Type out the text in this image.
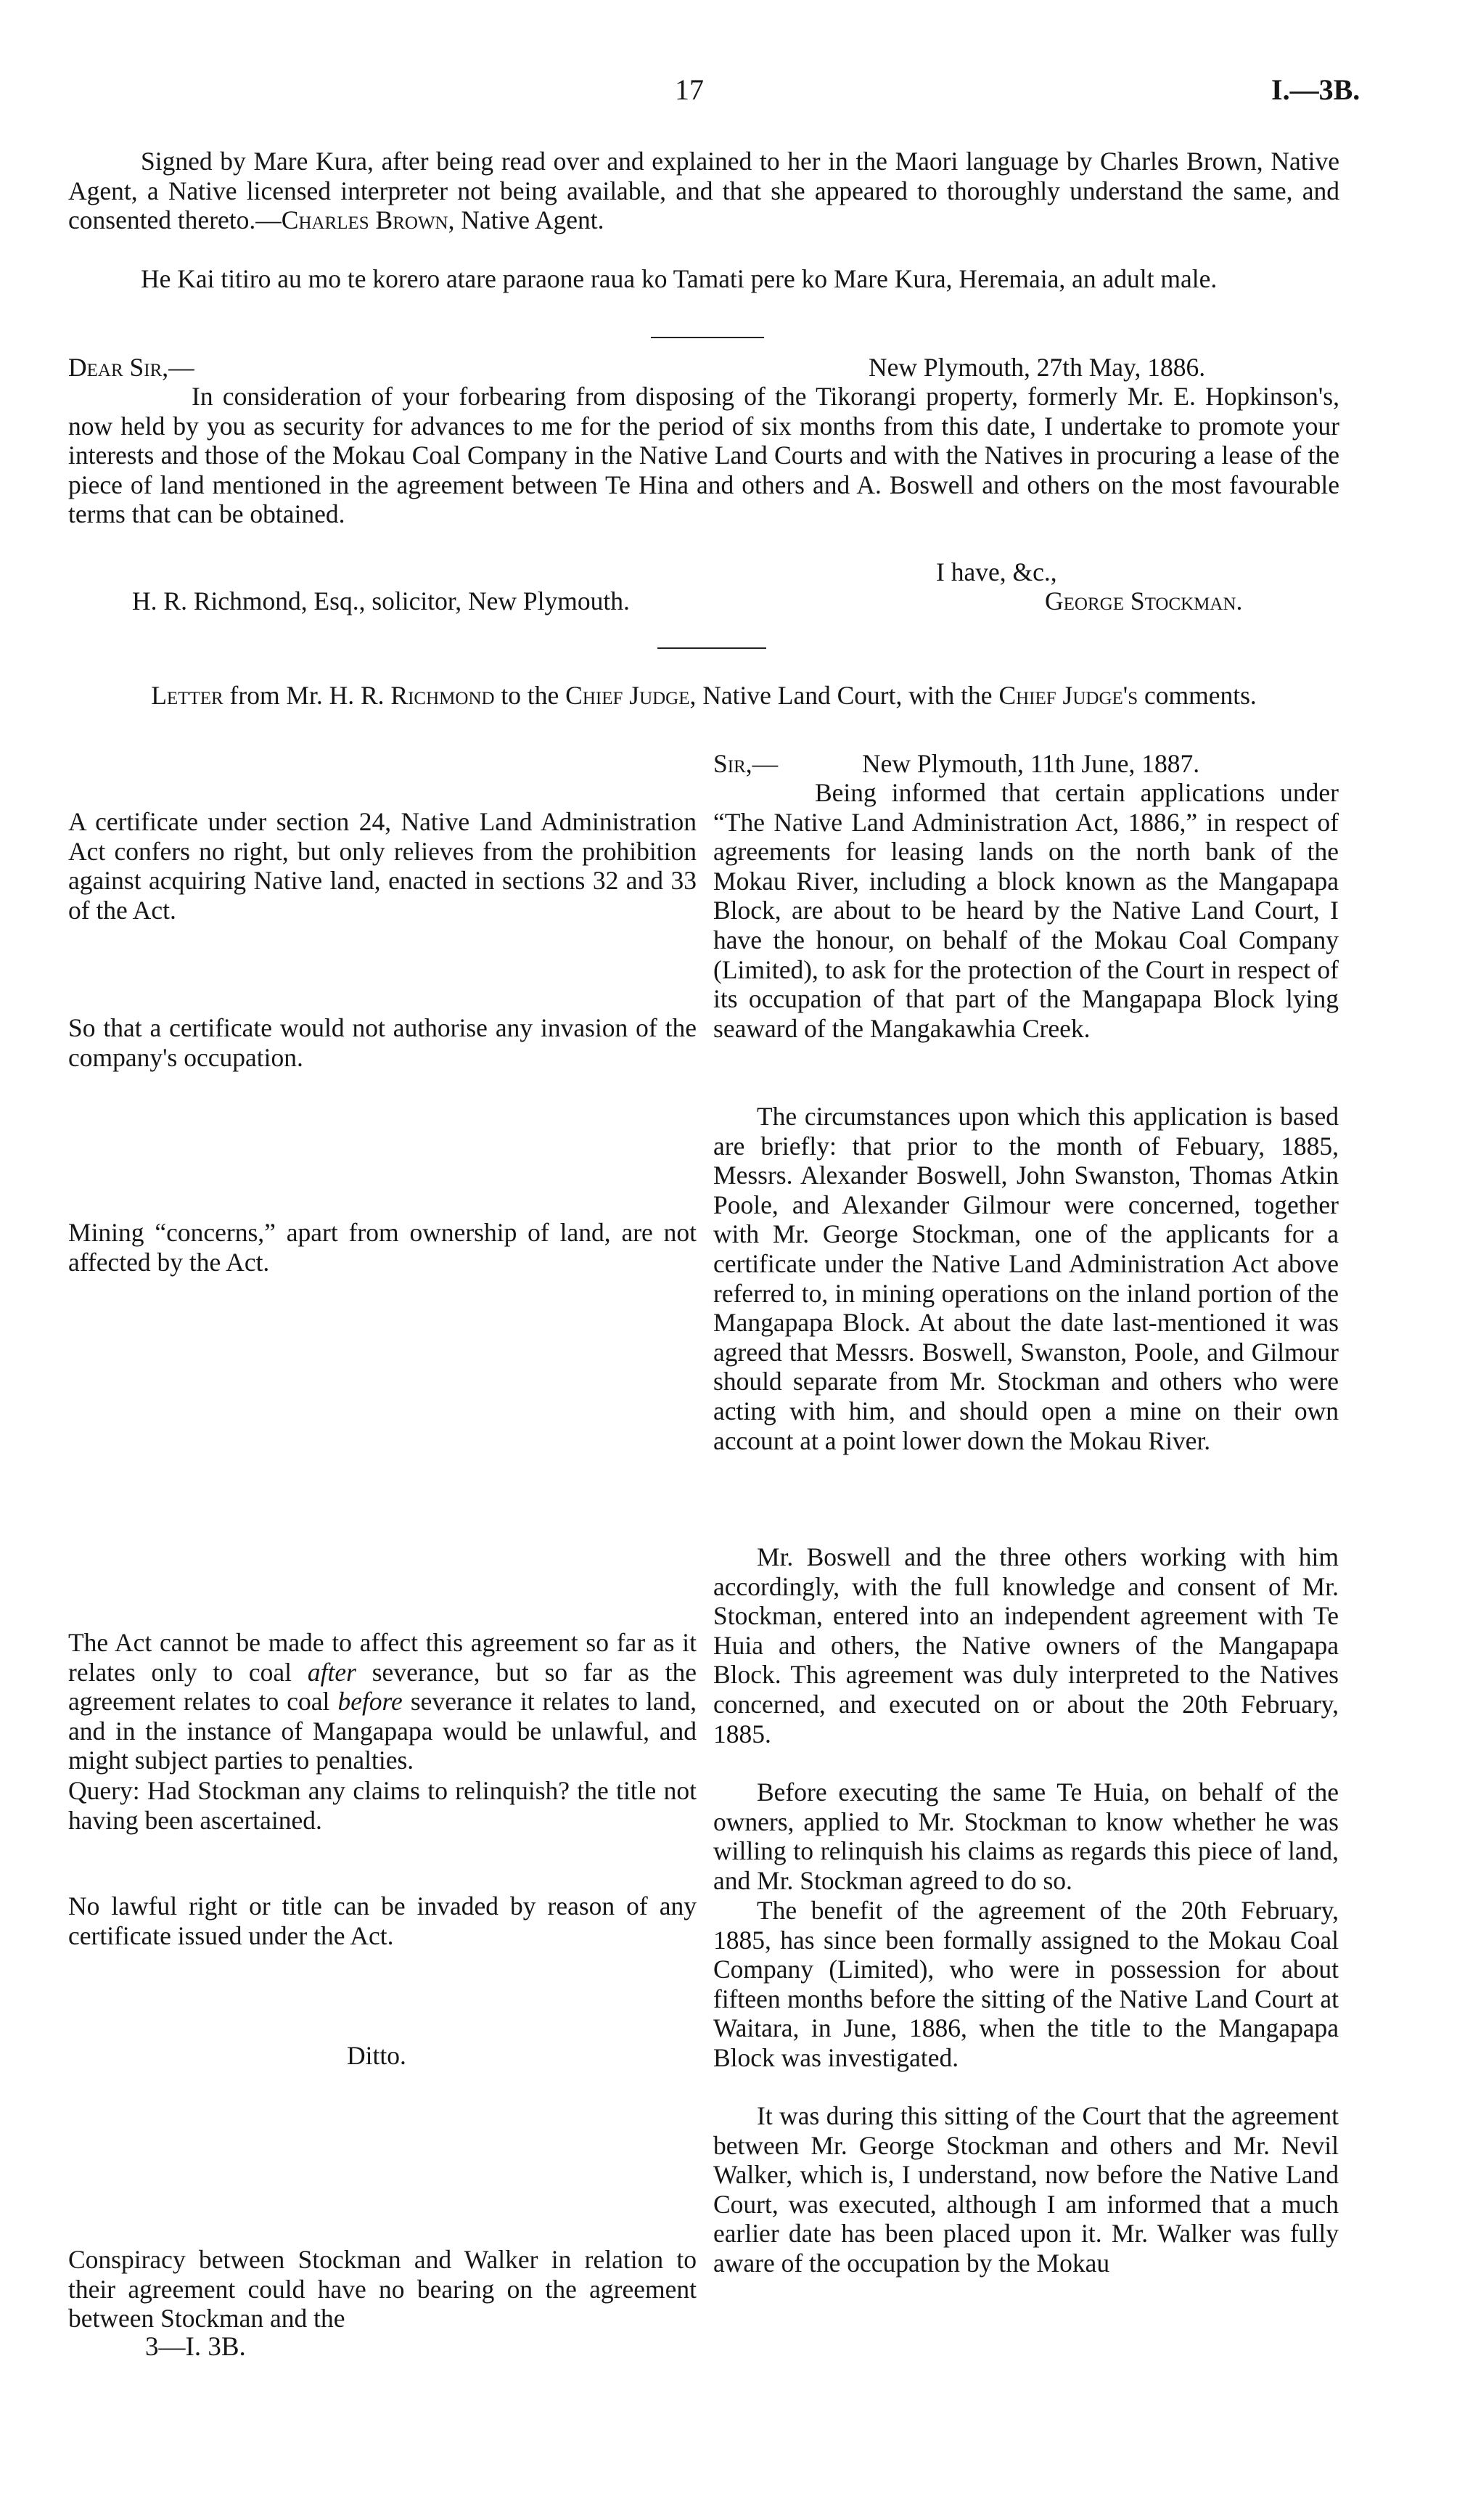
17	I.—3B.

Signed by Mare Kura, after being read over and explained to her in the Maori language by Charles Brown, Native Agent, a Native licensed interpreter not being available, and that she appeared to thoroughly understand the same, and consented thereto.—Charles Brown, Native Agent.

He Kai titiro au mo te korero atare paraone raua ko Tamati pere ko Mare Kura, Heremaia, an adult male.

Dear Sir,—	New Plymouth, 27th May, 1886.

In consideration of your forbearing from disposing of the Tikorangi property, formerly Mr. E. Hopkinson's, now held by you as security for advances to me for the period of six months from this date, I undertake to promote your interests and those of the Mokau Coal Company in the Native Land Courts and with the Natives in procuring a lease of the piece of land mentioned in the agreement between Te Hina and others and A. Boswell and others on the most favourable terms that can be obtained.

I have, &c.,
H. R. Richmond, Esq., solicitor, New Plymouth.	George Stockman.

Letter from Mr. H. R. Richmond to the Chief Judge, Native Land Court, with the Chief Judge's comments.

A certificate under section 24, Native Land Administration Act confers no right, but only relieves from the prohibition against acquiring Native land, enacted in sections 32 and 33 of the Act.

So that a certificate would not authorise any invasion of the company's occupation.

Mining “concerns,” apart from ownership of land, are not affected by the Act.

The Act cannot be made to affect this agreement so far as it relates only to coal after severance, but so far as the agreement relates to coal before severance it relates to land, and in the instance of Mangapapa would be unlawful, and might subject parties to penalties.

Query: Had Stockman any claims to relinquish? the title not having been ascertained.

No lawful right or title can be invaded by reason of any certificate issued under the Act.

Ditto.

Conspiracy between Stockman and Walker in relation to their agreement could have no bearing on the agreement between Stockman and the

3—I. 3B.
Sir,—	New Plymouth, 11th June, 1887.

Being informed that certain applications under “The Native Land Administration Act, 1886,” in respect of agreements for leasing lands on the north bank of the Mokau River, including a block known as the Mangapapa Block, are about to be heard by the Native Land Court, I have the honour, on behalf of the Mokau Coal Company (Limited), to ask for the protection of the Court in respect of its occupation of that part of the Mangapapa Block lying seaward of the Mangakawhia Creek.

The circumstances upon which this application is based are briefly: that prior to the month of Febuary, 1885, Messrs. Alexander Boswell, John Swanston, Thomas Atkin Poole, and Alexander Gilmour were concerned, together with Mr. George Stockman, one of the applicants for a certificate under the Native Land Administration Act above referred to, in mining operations on the inland portion of the Mangapapa Block. At about the date last-mentioned it was agreed that Messrs. Boswell, Swanston, Poole, and Gilmour should separate from Mr. Stockman and others who were acting with him, and should open a mine on their own account at a point lower down the Mokau River.

Mr. Boswell and the three others working with him accordingly, with the full knowledge and consent of Mr. Stockman, entered into an independent agreement with Te Huia and others, the Native owners of the Mangapapa Block. This agreement was duly interpreted to the Natives concerned, and executed on or about the 20th February, 1885.

Before executing the same Te Huia, on behalf of the owners, applied to Mr. Stockman to know whether he was willing to relinquish his claims as regards this piece of land, and Mr. Stockman agreed to do so.

The benefit of the agreement of the 20th February, 1885, has since been formally assigned to the Mokau Coal Company (Limited), who were in possession for about fifteen months before the sitting of the Native Land Court at Waitara, in June, 1886, when the title to the Mangapapa Block was investigated.

It was during this sitting of the Court that the agreement between Mr. George Stockman and others and Mr. Nevil Walker, which is, I understand, now before the Native Land Court, was executed, although I am informed that a much earlier date has been placed upon it. Mr. Walker was fully aware of the occupation by the Mokau
